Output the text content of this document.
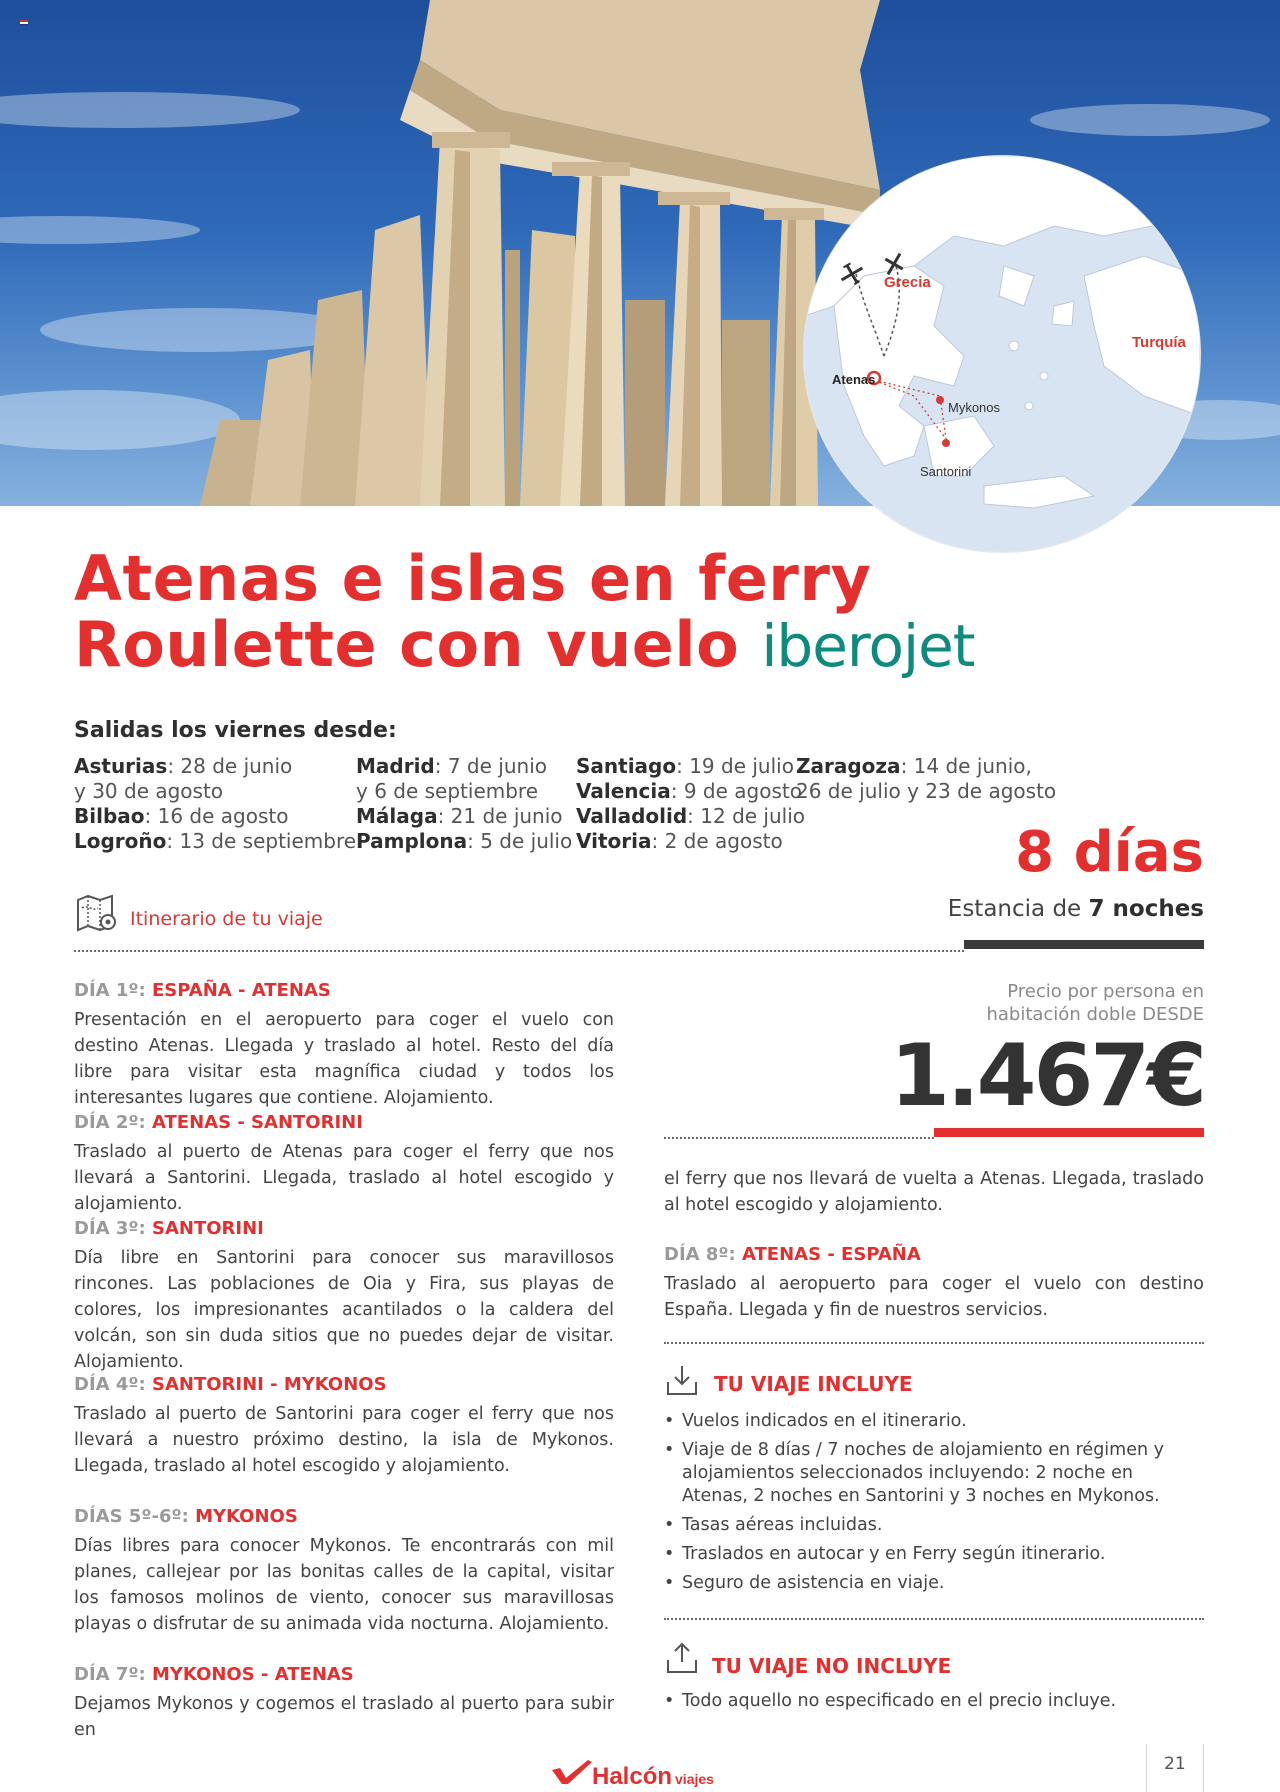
Grecia
Turquía
Atenas
Mykonos
Santorini
Atenas e islas en ferry
Roulette con vuelo iberojet
Salidas los viernes desde:
Asturias: 28 de junio
y 30 de agosto
Bilbao: 16 de agosto
Logroño: 13 de septiembre
Madrid: 7 de junio
y 6 de septiembre
Málaga: 21 de junio
Pamplona: 5 de julio
Santiago: 19 de julio
Valencia: 9 de agosto
Valladolid: 12 de julio
Vitoria: 2 de agosto
Zaragoza: 14 de junio,
26 de julio y 23 de agosto
8 días
Estancia de 7 noches
Itinerario de tu viaje
Precio por persona en
habitación doble DESDE
1.467€
DÍA 1º: ESPAÑA - ATENAS

Presentación en el aeropuerto para coger el vuelo con destino Atenas. Llegada y traslado al hotel. Resto del día libre para visitar esta magnífica ciudad y todos los interesantes lugares que contiene. Alojamiento.

DÍA 2º: ATENAS - SANTORINI

Traslado al puerto de Atenas para coger el ferry que nos llevará a Santorini. Llegada, traslado al hotel escogido y alojamiento.

DÍA 3º: SANTORINI

Día libre en Santorini para conocer sus maravillosos rincones. Las poblaciones de Oia y Fira, sus playas de colores, los impresionantes acantilados o la caldera del volcán, son sin duda sitios que no puedes dejar de visitar. Alojamiento.

DÍA 4º: SANTORINI - MYKONOS

Traslado al puerto de Santorini para coger el ferry que nos llevará a nuestro próximo destino, la isla de Mykonos. Llegada, traslado al hotel escogido y alojamiento.

DÍAS 5º-6º: MYKONOS

Días libres para conocer Mykonos. Te encontrarás con mil planes, callejear por las bonitas calles de la capital, visitar los famosos molinos de viento, conocer sus maravillosas playas o disfrutar de su animada vida nocturna. Alojamiento.

DÍA 7º: MYKONOS - ATENAS

Dejamos Mykonos y cogemos el traslado al puerto para subir en

el ferry que nos llevará de vuelta a Atenas. Llegada, traslado al hotel escogido y alojamiento.

DÍA 8º: ATENAS - ESPAÑA

Traslado al aeropuerto para coger el vuelo con destino España. Llegada y fin de nuestros servicios.

TU VIAJE INCLUYE
• Vuelos indicados en el itinerario.
• Viaje de 8 días / 7 noches de alojamiento en régimen y alojamientos seleccionados incluyendo: 2 noche en Atenas, 2 noches en Santorini y 3 noches en Mykonos.
• Tasas aéreas incluidas.
• Traslados en autocar y en Ferry según itinerario.
• Seguro de asistencia en viaje.
TU VIAJE NO INCLUYE
• Todo aquello no especificado en el precio incluye.
Halcón viajes
21
